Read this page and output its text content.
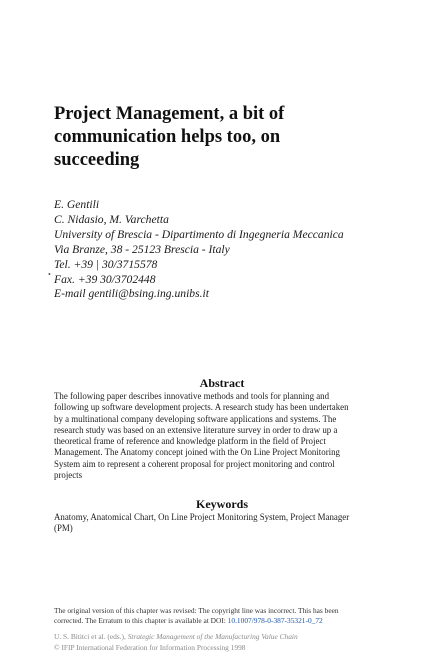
Project Management, a bit of
communication helps too, on
succeeding
E. Gentili
C. Nidasio, M. Varchetta
University of Brescia - Dipartimento di Ingegneria Meccanica
Via Branze, 38 - 25123 Brescia - Italy
Tel. +39 | 30/3715578
Fax. +39 30/3702448
E-mail gentili@bsing.ing.unibs.it
•
Abstract
The following paper describes innovative methods and tools for planning and
following up software development projects. A research study has been undertaken
by a multinational company developing software applications and systems. The
research study was based on an extensive literature survey in order to draw up a
theoretical frame of reference and knowledge platform in the field of Project
Management. The Anatomy concept joined with the On Line Project Monitoring
System aim to represent a coherent proposal for project monitoring and control
projects
Keywords
Anatomy, Anatomical Chart, On Line Project Monitoring System, Project Manager
(PM)
The original version of this chapter was revised: The copyright line was incorrect. This has been
corrected. The Erratum to this chapter is available at DOI: 10.1007/978-0-387-35321-0_72
U. S. Bititci et al. (eds.), Strategic Management of the Manufacturing Value Chain
© IFIP International Federation for Information Processing 1998
